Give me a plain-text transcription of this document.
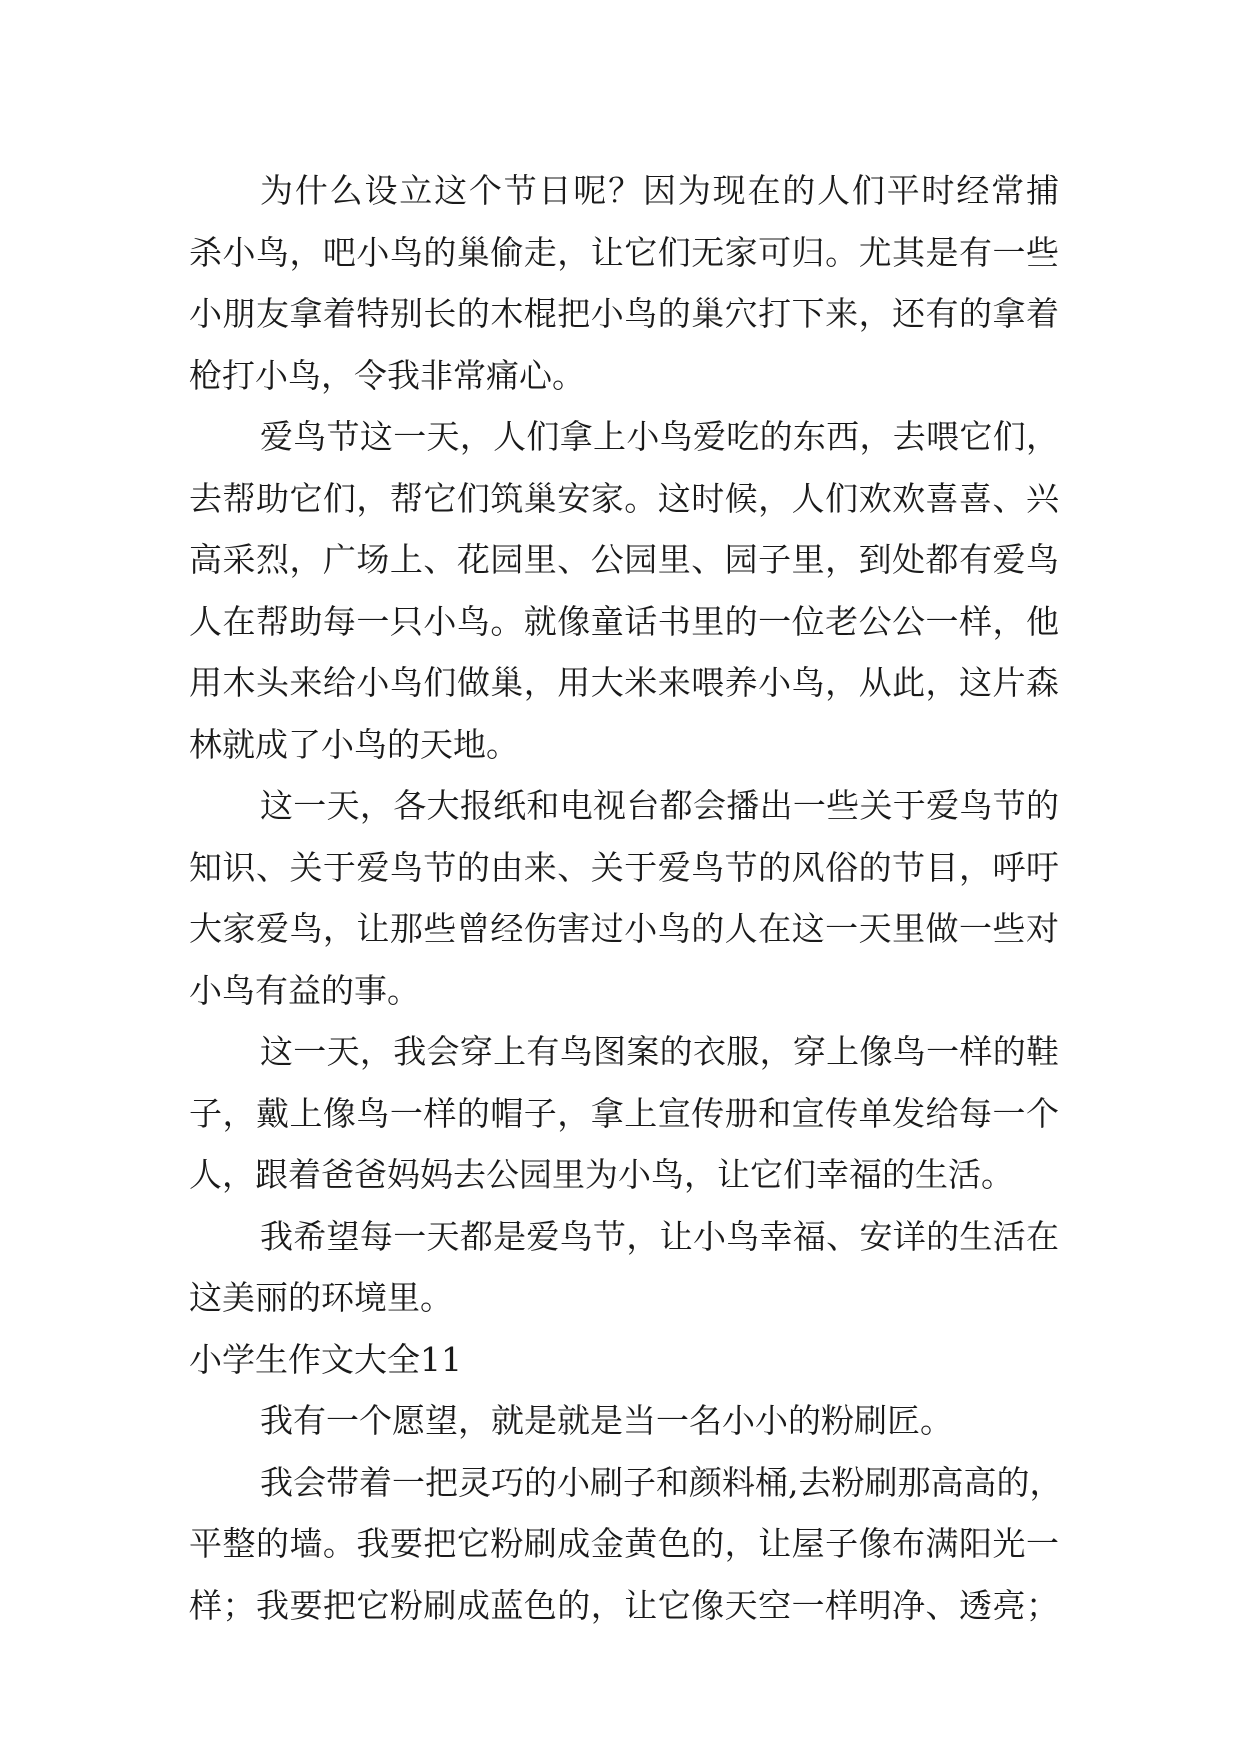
为什么设立这个节日呢？因为现在的人们平时经常捕
杀小鸟，吧小鸟的巢偷走，让它们无家可归。尤其是有一些
小朋友拿着特别长的木棍把小鸟的巢穴打下来，还有的拿着
枪打小鸟，令我非常痛心。
爱鸟节这一天，人们拿上小鸟爱吃的东西，去喂它们，
去帮助它们，帮它们筑巢安家。这时候，人们欢欢喜喜、兴
高采烈，广场上、花园里、公园里、园子里，到处都有爱鸟
人在帮助每一只小鸟。就像童话书里的一位老公公一样，他
用木头来给小鸟们做巢，用大米来喂养小鸟，从此，这片森
林就成了小鸟的天地。
这一天，各大报纸和电视台都会播出一些关于爱鸟节的
知识、关于爱鸟节的由来、关于爱鸟节的风俗的节目，呼吁
大家爱鸟，让那些曾经伤害过小鸟的人在这一天里做一些对
小鸟有益的事。
这一天，我会穿上有鸟图案的衣服，穿上像鸟一样的鞋
子，戴上像鸟一样的帽子，拿上宣传册和宣传单发给每一个
人，跟着爸爸妈妈去公园里为小鸟，让它们幸福的生活。
我希望每一天都是爱鸟节，让小鸟幸福、安详的生活在
这美丽的环境里。
小学生作文大全11
我有一个愿望，就是就是当一名小小的粉刷匠。
我会带着一把灵巧的小刷子和颜料桶,去粉刷那高高的，
平整的墙。我要把它粉刷成金黄色的，让屋子像布满阳光一
样；我要把它粉刷成蓝色的，让它像天空一样明净、透亮；
